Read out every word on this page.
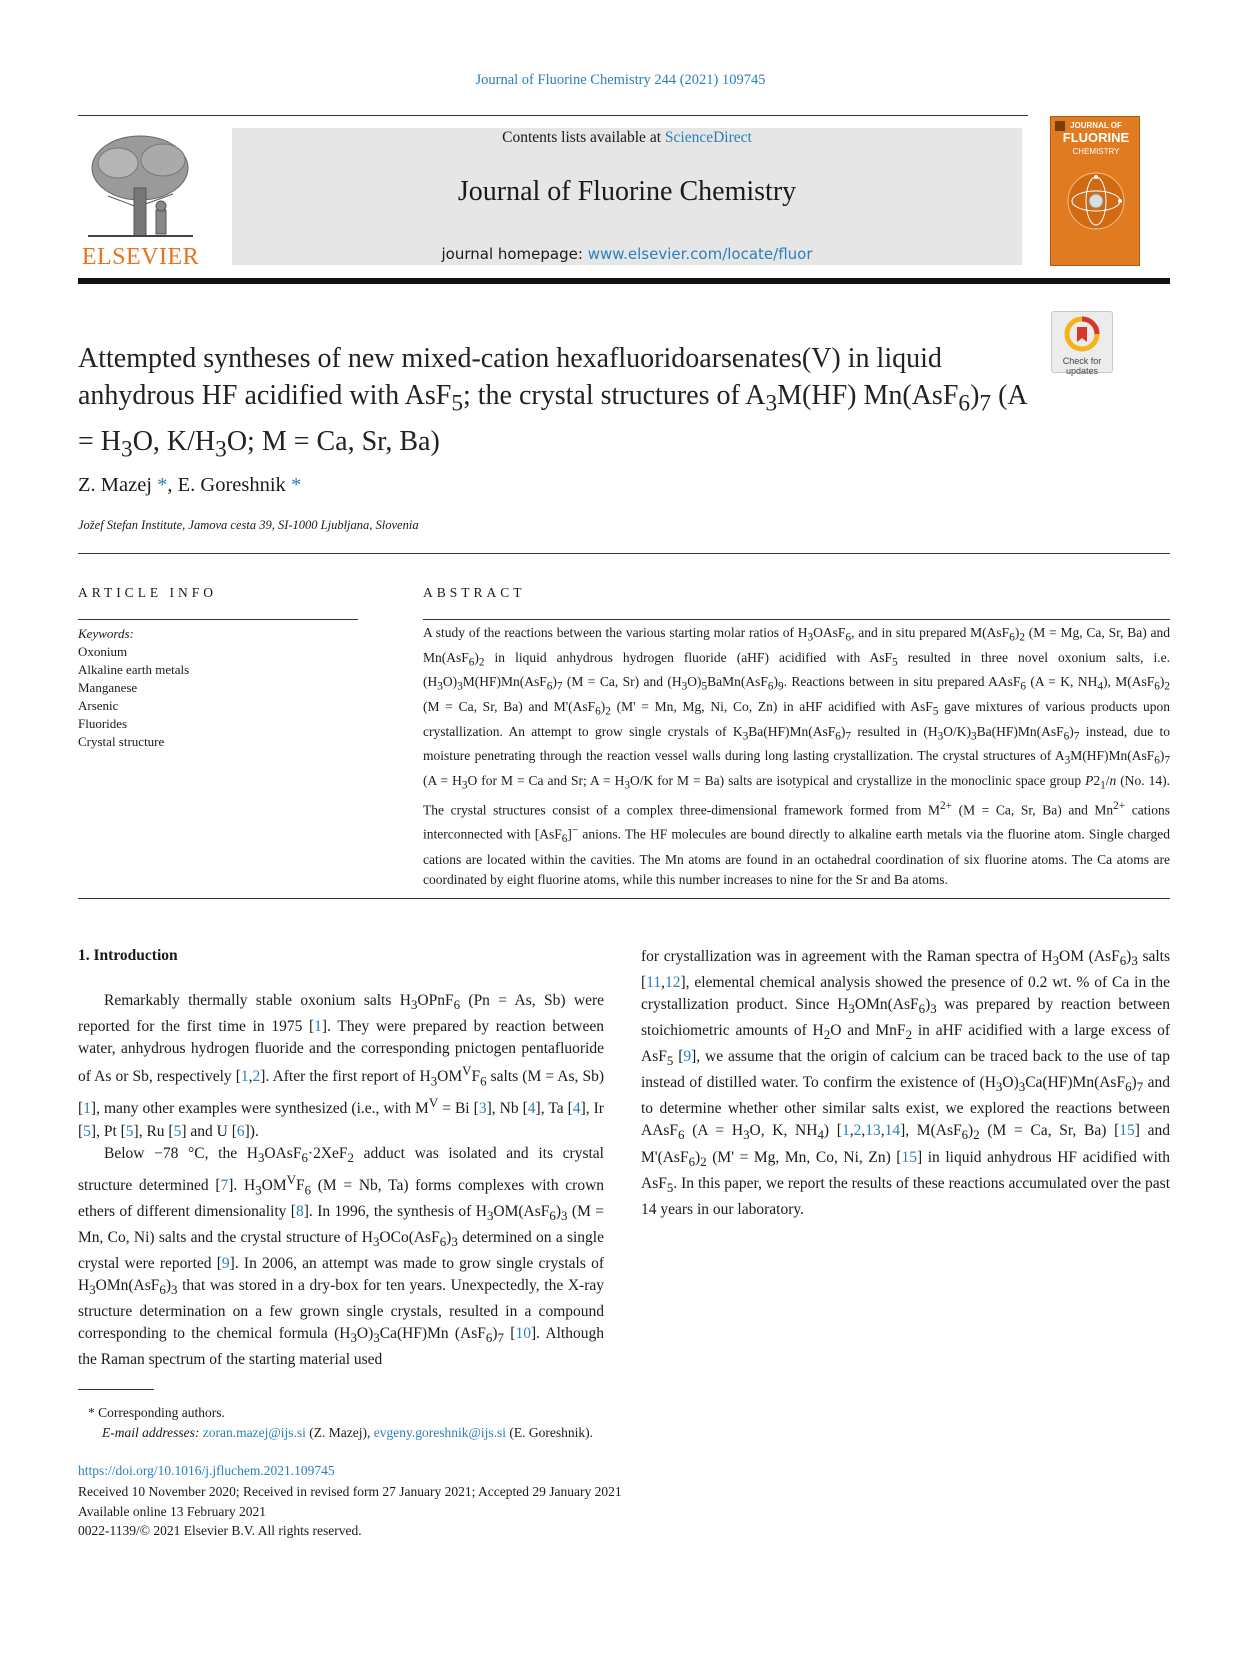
Journal of Fluorine Chemistry 244 (2021) 109745
ELSEVIER
Contents lists available at ScienceDirect
Journal of Fluorine Chemistry
journal homepage: www.elsevier.com/locate/fluor
JOURNAL OF
FLUORINE
CHEMISTRY
Check for
updates
Attempted syntheses of new mixed-cation hexafluoridoarsenates(V) in liquid anhydrous HF acidified with AsF$_5$; the crystal structures of $A_3M(HF)$ $Mn(AsF_6)_7$ ($A = H_3O$, $K/H_3O$; M = Ca, Sr, Ba)
Z. Mazej *, E. Goreshnik *
Jožef Stefan Institute, Jamova cesta 39, SI-1000 Ljubljana, Slovenia
ARTICLE INFO	ABSTRACT
Keywords:
Oxonium
Alkaline earth metals
Manganese
Arsenic
Fluorides
Crystal structure
A study of the reactions between the various starting molar ratios of $H_3OAsF_6$, and in situ prepared $M(AsF_6)_2$ (M = Mg, Ca, Sr, Ba) and $Mn(AsF_6)_2$ in liquid anhydrous hydrogen fluoride (aHF) acidified with AsF$_5$ resulted in three novel oxonium salts, i.e. $(H_3O)_3M(HF)Mn(AsF_6)_7$ (M = Ca, Sr) and $(H_3O)_5BaMn(AsF_6)_9$. Reactions between in situ prepared AAsF$_6$ (A = K, $NH_4$), $M(AsF_6)_2$ (M = Ca, Sr, Ba) and $M'(AsF_6)_2$ (M' = Mn, Mg, Ni, Co, Zn) in aHF acidified with AsF$_5$ gave mixtures of various products upon crystallization. An attempt to grow single crystals of $K_3Ba(HF)Mn(AsF_6)_7$ resulted in $(H_3O/K)_3Ba(HF)Mn(AsF_6)_7$ instead, due to moisture penetrating through the reaction vessel walls during long lasting crystallization. The crystal structures of $A_3M(HF)Mn(AsF_6)_7$ ($A = H_3O$ for M = Ca and Sr; $A = H_3O/K$ for M = Ba) salts are isotypical and crystallize in the monoclinic space group $P2_1/n$ (No. 14). The crystal structures consist of a complex three-dimensional framework formed from $M^{2+}$ (M = Ca, Sr, Ba) and $Mn^{2+}$ cations interconnected with [AsF$_6$]− anions. The HF molecules are bound directly to alkaline earth metals via the fluorine atom. Single charged cations are located within the cavities. The Mn atoms are found in an octahedral coordination of six fluorine atoms. The Ca atoms are coordinated by eight fluorine atoms, while this number increases to nine for the Sr and Ba atoms.
1. Introduction

Remarkably thermally stable oxonium salts $H_3OPnF_6$ (Pn = As, Sb) were reported for the first time in 1975 [1]. They were prepared by reaction between water, anhydrous hydrogen fluoride and the corresponding pnictogen pentafluoride of As or Sb, respectively [1,2]. After the first report of $H_3OM^VF_6$ salts (M = As, Sb) [1], many other examples were synthesized (i.e., with $M^V = Bi$ [3], Nb [4], Ta [4], Ir [5], Pt [5], Ru [5] and U [6]).

Below −78 °C, the $H_3OAsF_6\cdot 2XeF_2$ adduct was isolated and its crystal structure determined [7]. $H_3OM^VF_6$ (M = Nb, Ta) forms complexes with crown ethers of different dimensionality [8]. In 1996, the synthesis of $H_3OM(AsF_6)_3$ (M = Mn, Co, Ni) salts and the crystal structure of $H_3OCo(AsF_6)_3$ determined on a single crystal were reported [9]. In 2006, an attempt was made to grow single crystals of $H_3OMn(AsF_6)_3$ that was stored in a dry-box for ten years. Unexpectedly, the X-ray structure determination on a few grown single crystals, resulted in a compound corresponding to the chemical formula $(H_3O)_3Ca(HF)Mn$ $(AsF_6)_7$ [10]. Although the Raman spectrum of the starting material used

for crystallization was in agreement with the Raman spectra of $H_3OM$ $(AsF_6)_3$ salts [11,12], elemental chemical analysis showed the presence of 0.2 wt. % of Ca in the crystallization product. Since $H_3OMn(AsF_6)_3$ was prepared by reaction between stoichiometric amounts of $H_2O$ and MnF$_2$ in aHF acidified with a large excess of AsF$_5$ [9], we assume that the origin of calcium can be traced back to the use of tap instead of distilled water. To confirm the existence of $(H_3O)_3Ca(HF)Mn(AsF_6)_7$ and to determine whether other similar salts exist, we explored the reactions between AAsF$_6$ ($A = H_3O$, K, $NH_4$) [1,2,13,14], $M(AsF_6)_2$ (M = Ca, Sr, Ba) [15] and $M'(AsF_6)_2$ (M' = Mg, Mn, Co, Ni, Zn) [15] in liquid anhydrous HF acidified with AsF$_5$. In this paper, we report the results of these reactions accumulated over the past 14 years in our laboratory.

* Corresponding authors.
E-mail addresses: zoran.mazej@ijs.si (Z. Mazej), evgeny.goreshnik@ijs.si (E. Goreshnik).
https://doi.org/10.1016/j.jfluchem.2021.109745
Received 10 November 2020; Received in revised form 27 January 2021; Accepted 29 January 2021
Available online 13 February 2021
0022-1139/© 2021 Elsevier B.V. All rights reserved.
